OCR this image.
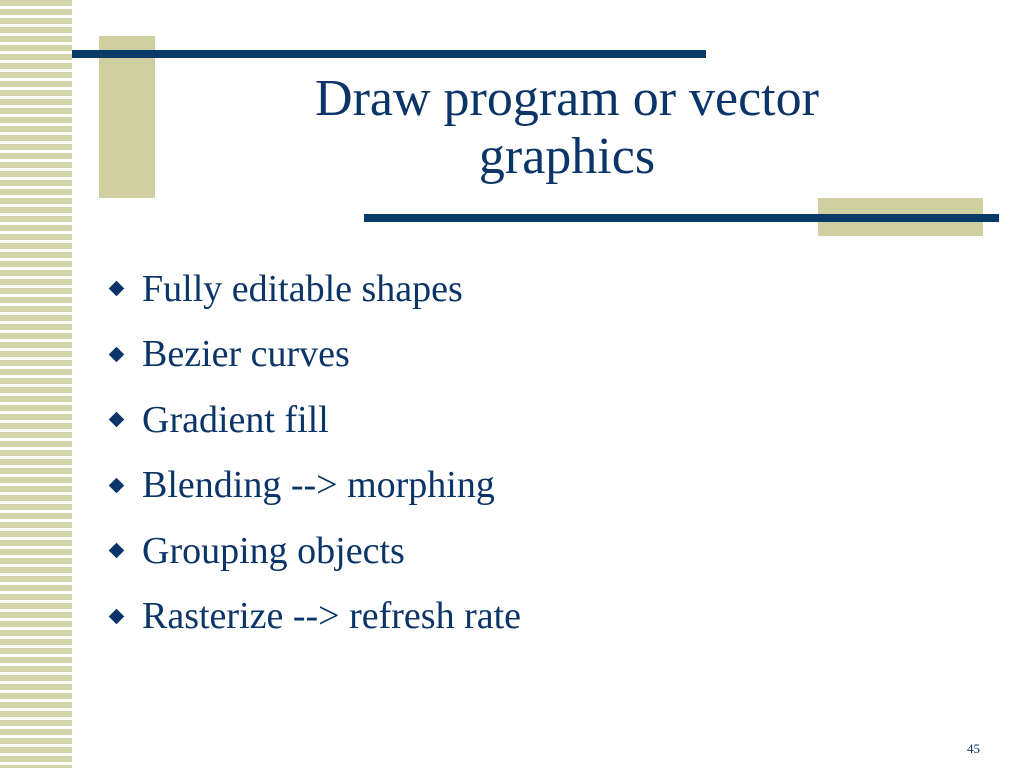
Draw program or vector graphics
Fully editable shapes
Bezier curves
Gradient fill
Blending --> morphing
Grouping objects
Rasterize --> refresh rate
45
